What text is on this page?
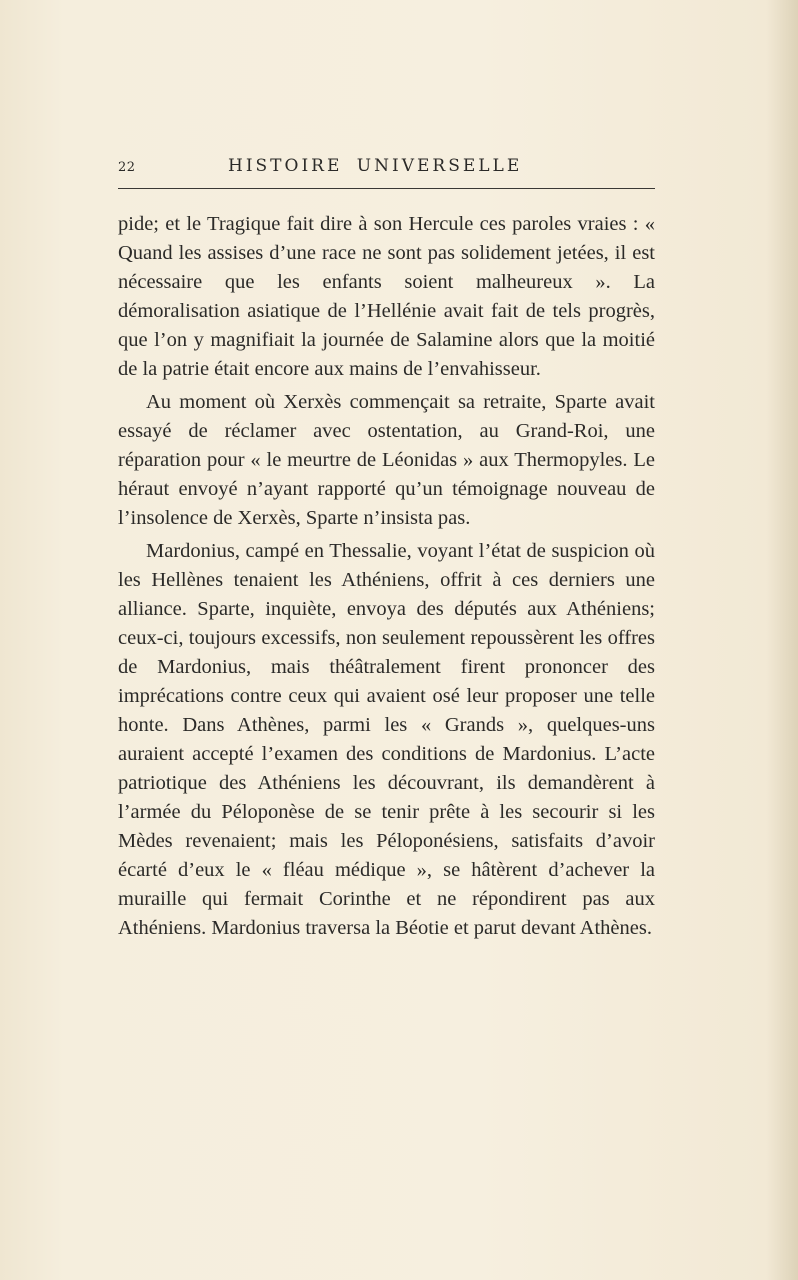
22	HISTOIRE UNIVERSELLE

pide; et le Tragique fait dire à son Hercule ces paroles vraies : « Quand les assises d’une race ne sont pas solidement jetées, il est nécessaire que les enfants soient malheureux ». La démoralisation asiatique de l’Hellénie avait fait de tels progrès, que l’on y magnifiait la journée de Salamine alors que la moitié de la patrie était encore aux mains de l’envahisseur.

Au moment où Xerxès commençait sa retraite, Sparte avait essayé de réclamer avec ostentation, au Grand-Roi, une réparation pour « le meurtre de Léonidas » aux Thermopyles. Le héraut envoyé n’ayant rapporté qu’un témoignage nouveau de l’insolence de Xerxès, Sparte n’insista pas.

Mardonius, campé en Thessalie, voyant l’état de suspicion où les Hellènes tenaient les Athéniens, offrit à ces derniers une alliance. Sparte, inquiète, envoya des députés aux Athéniens; ceux-ci, toujours excessifs, non seulement repoussèrent les offres de Mardonius, mais théâtralement firent prononcer des imprécations contre ceux qui avaient osé leur proposer une telle honte. Dans Athènes, parmi les « Grands », quelques-uns auraient accepté l’examen des conditions de Mardonius. L’acte patriotique des Athéniens les découvrant, ils demandèrent à l’armée du Péloponèse de se tenir prête à les secourir si les Mèdes revenaient; mais les Péloponésiens, satisfaits d’avoir écarté d’eux le « fléau médique », se hâtèrent d’achever la muraille qui fermait Corinthe et ne répondirent pas aux Athéniens. Mardonius traversa la Béotie et parut devant Athènes.
